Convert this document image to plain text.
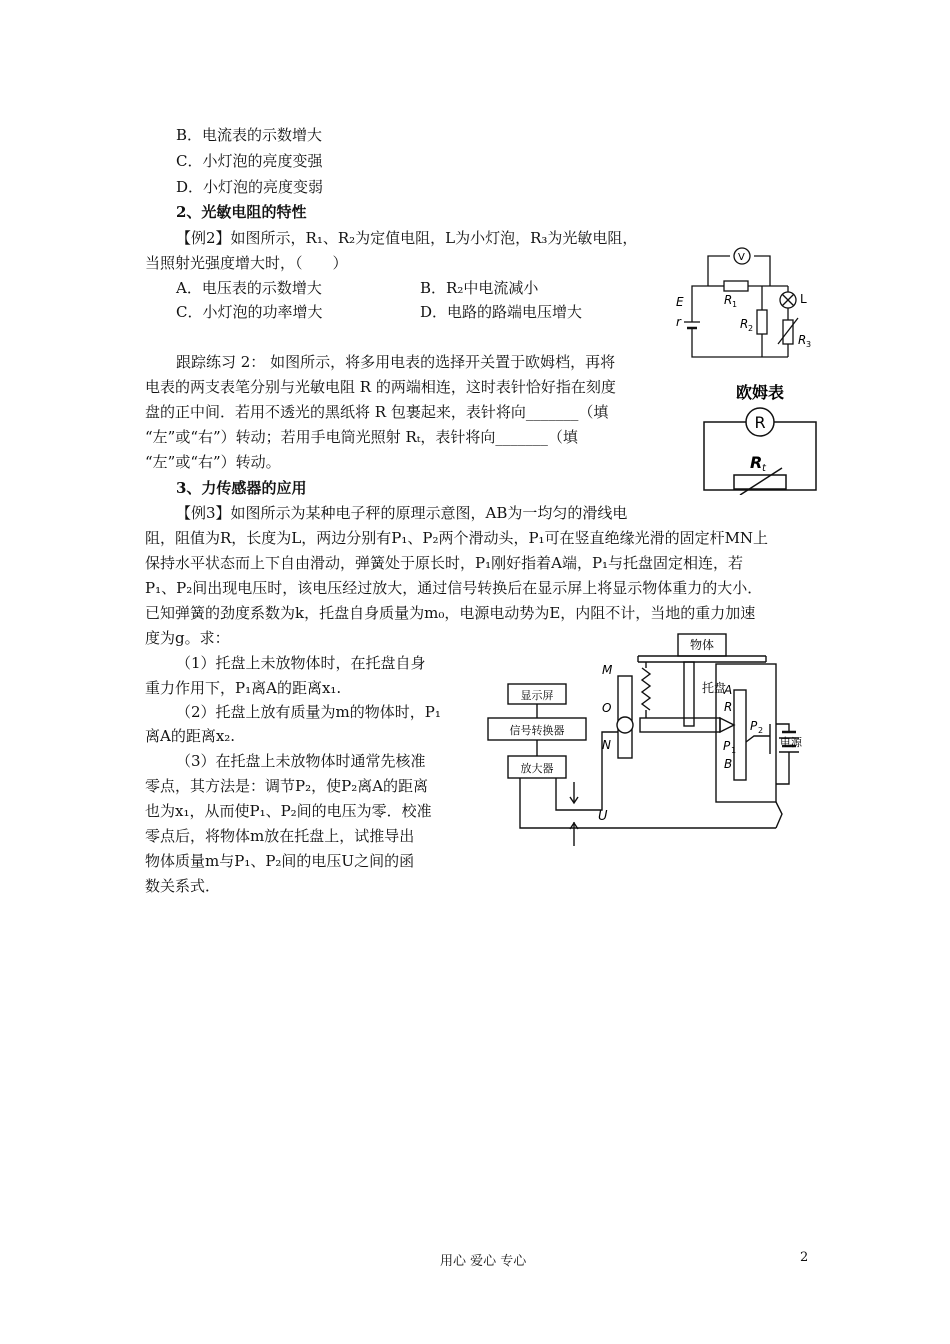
B．电流表的示数增大
C．小灯泡的亮度变强
D．小灯泡的亮度变弱
2、光敏电阻的特性
【例2】如图所示，R₁、R₂为定值电阻，L为小灯泡，R₃为光敏电阻，
当照射光强度增大时，（　　）
A．电压表的示数增大	B．R₂中电流减小
C．小灯泡的功率增大	D．电路的路端电压增大
V
E
r
R 1
R 2
L
R 3
跟踪练习 2： 如图所示，将多用电表的选择开关置于欧姆档，再将
电表的两支表笔分别与光敏电阻 R 的两端相连，这时表针恰好指在刻度
盘的正中间．若用不透光的黑纸将 R 包裹起来，表针将向_______（填
“左”或“右”）转动；若用手电筒光照射 Rₜ，表针将向_______（填
“左”或“右”）转动。
欧姆表
R
R t
3、力传感器的应用
【例3】如图所示为某种电子秤的原理示意图，AB为一均匀的滑线电
阻，阻值为R，长度为L，两边分别有P₁、P₂两个滑动头，P₁可在竖直绝缘光滑的固定杆MN上
保持水平状态而上下自由滑动，弹簧处于原长时，P₁刚好指着A端，P₁与托盘固定相连，若
P₁、P₂间出现电压时，该电压经过放大，通过信号转换后在显示屏上将显示物体重力的大小．
已知弹簧的劲度系数为k，托盘自身质量为m₀，电源电动势为E，内阻不计，当地的重力加速
度为g。求：
（1）托盘上未放物体时，在托盘自身
重力作用下，P₁离A的距离x₁.
（2）托盘上放有质量为m的物体时，P₁
离A的距离x₂.
（3）在托盘上未放物体时通常先核准
零点，其方法是：调节P₂，使P₂离A的距离
也为x₁，从而使P₁、P₂间的电压为零．校准
零点后，将物体m放在托盘上，试推导出
物体质量m与P₁、P₂间的电压U之间的函
数关系式．
物体
托盘
显示屏
信号转换器
放大器
M
O
N
A
B
R
P 1
P 2
电源
U
用心 爱心 专心	2
